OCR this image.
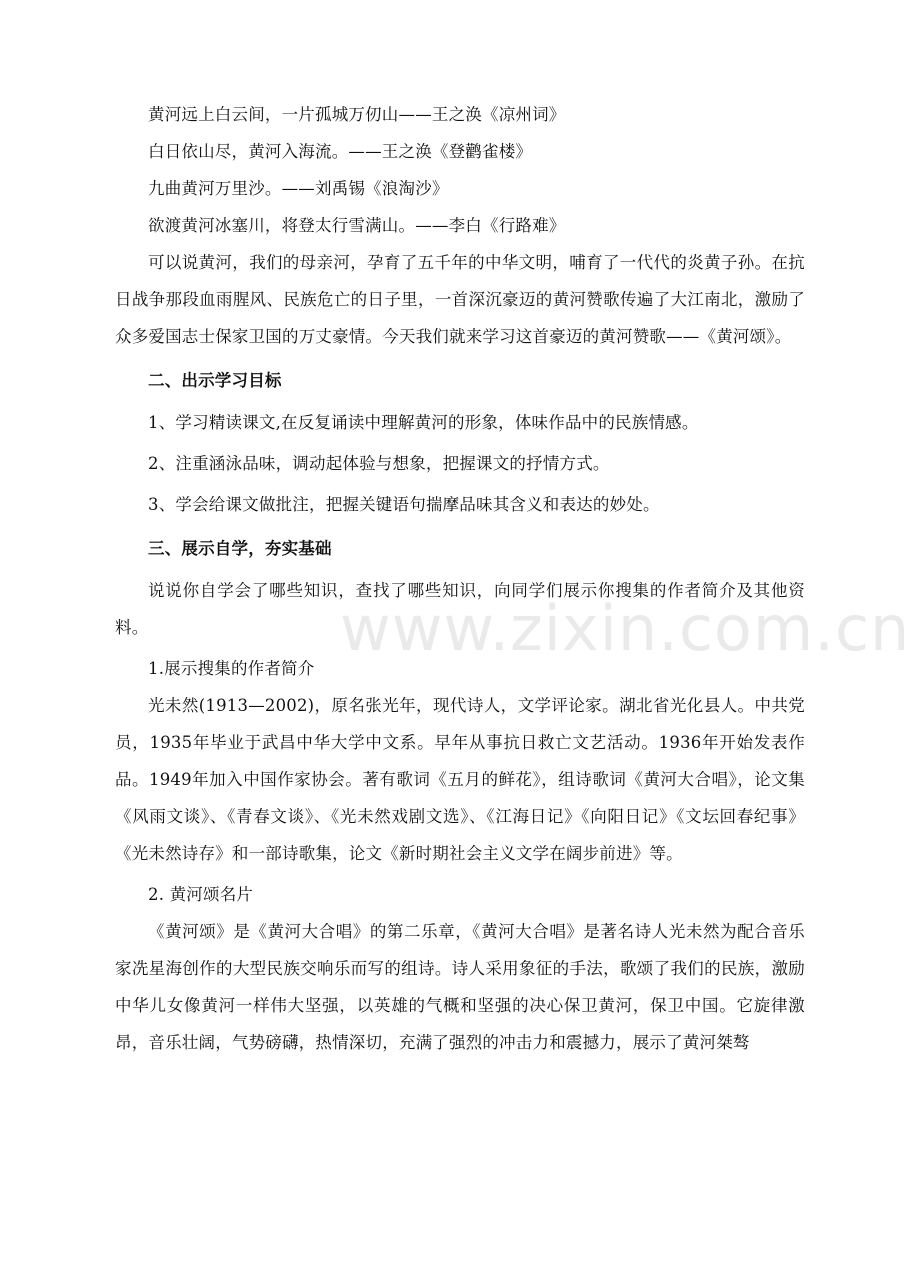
黄河远上白云间，一片孤城万仞山——王之涣《凉州词》

白日依山尽，黄河入海流。——王之涣《登鹳雀楼》

九曲黄河万里沙。——刘禹锡《浪淘沙》

欲渡黄河冰塞川，将登太行雪满山。——李白《行路难》

可以说黄河，我们的母亲河，孕育了五千年的中华文明，哺育了一代代的炎黄子孙。在抗日战争那段血雨腥风、民族危亡的日子里，一首深沉豪迈的黄河赞歌传遍了大江南北，激励了众多爱国志士保家卫国的万丈豪情。今天我们就来学习这首豪迈的黄河赞歌——《黄河颂》。

二、出示学习目标

1、学习精读课文,在反复诵读中理解黄河的形象，体味作品中的民族情感。

2、注重涵泳品味，调动起体验与想象，把握课文的抒情方式。

3、学会给课文做批注，把握关键语句揣摩品味其含义和表达的妙处。

三、展示自学，夯实基础

说说你自学会了哪些知识，查找了哪些知识，向同学们展示你搜集的作者简介及其他资料。

1.展示搜集的作者简介

光未然(1913—2002)，原名张光年，现代诗人，文学评论家。湖北省光化县人。中共党员，1935年毕业于武昌中华大学中文系。早年从事抗日救亡文艺活动。1936年开始发表作品。1949年加入中国作家协会。著有歌词《五月的鲜花》，组诗歌词《黄河大合唱》，论文集《风雨文谈》、《青春文谈》、《光未然戏剧文选》、《江海日记》《向阳日记》《文坛回春纪事》《光未然诗存》和一部诗歌集，论文《新时期社会主义文学在阔步前进》等。

2. 黄河颂名片

《黄河颂》是《黄河大合唱》的第二乐章，《黄河大合唱》是著名诗人光未然为配合音乐家冼星海创作的大型民族交响乐而写的组诗。诗人采用象征的手法，歌颂了我们的民族，激励中华儿女像黄河一样伟大坚强，以英雄的气概和坚强的决心保卫黄河，保卫中国。它旋律激昂，音乐壮阔，气势磅礴，热情深切，充满了强烈的冲击力和震撼力，展示了黄河桀骜

www.zixin.com.cn
